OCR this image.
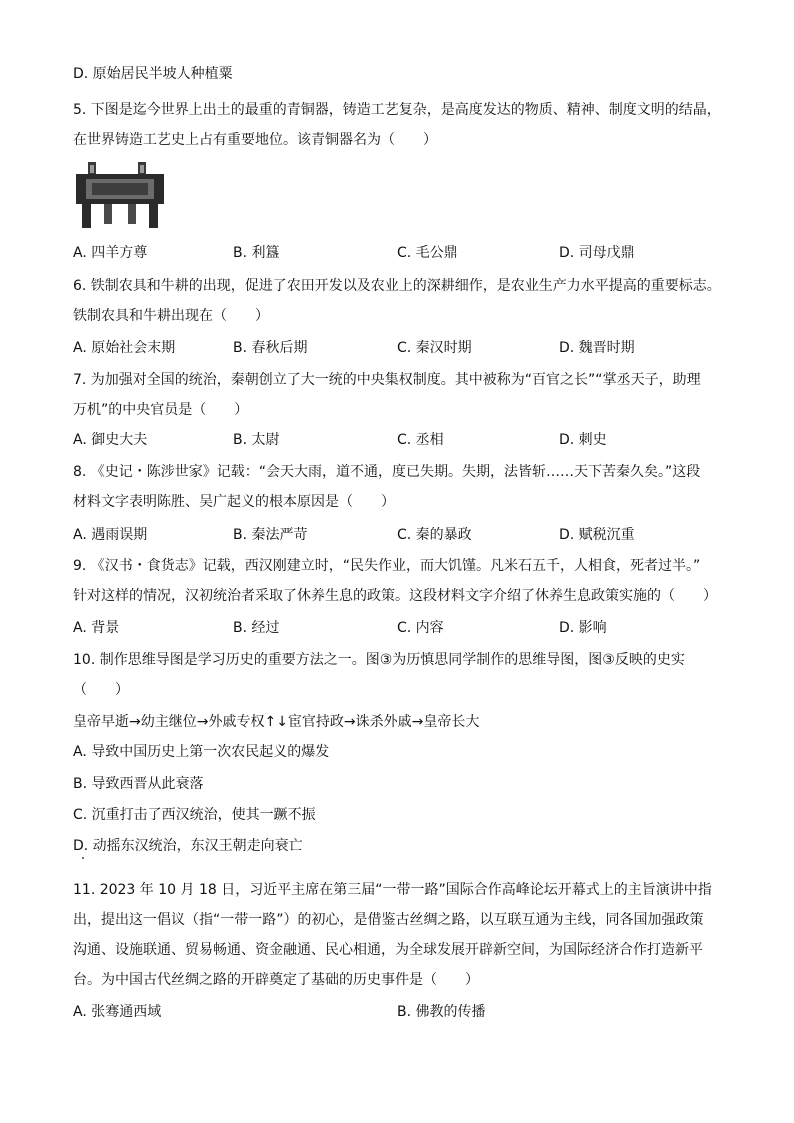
D. 原始居民半坡人种植粟
5. 下图是迄今世界上出土的最重的青铜器，铸造工艺复杂，是高度发达的物质、精神、制度文明的结晶，
在世界铸造工艺史上占有重要地位。该青铜器名为（　　）
A. 四羊方尊	B. 利簋	C. 毛公鼎	D. 司母戊鼎
6. 铁制农具和牛耕的出现，促进了农田开发以及农业上的深耕细作，是农业生产力水平提高的重要标志。
铁制农具和牛耕出现在（　　）
A. 原始社会末期	B. 春秋后期	C. 秦汉时期	D. 魏晋时期
7. 为加强对全国的统治，秦朝创立了大一统的中央集权制度。其中被称为“百官之长”“掌丞天子，助理
万机”的中央官员是（　　）
A. 御史大夫	B. 太尉	C. 丞相	D. 刺史
8. 《史记・陈涉世家》记载：“会天大雨，道不通，度已失期。失期，法皆斩……天下苦秦久矣。”这段
材料文字表明陈胜、吴广起义的根本原因是（　　）
A. 遇雨误期	B. 秦法严苛	C. 秦的暴政	D. 赋税沉重
9. 《汉书・食货志》记载，西汉刚建立时，“民失作业，而大饥馑。凡米石五千，人相食，死者过半。”
针对这样的情况，汉初统治者采取了休养生息的政策。这段材料文字介绍了休养生息政策实施的（　　）
A. 背景	B. 经过	C. 内容	D. 影响
10. 制作思维导图是学习历史的重要方法之一。图③为历慎思同学制作的思维导图，图③反映的史实
（　　）
皇帝早逝→幼主继位→外戚专权↑↓宦官持政→诛杀外戚→皇帝长大
A. 导致中国历史上第一次农民起义的爆发
B. 导致西晋从此衰落
C. 沉重打击了西汉统治，使其一蹶不振
D. 动摇东汉统治，东汉王朝走向衰亡
11. 2023 年 10 月 18 日，习近平主席在第三届“一带一路”国际合作高峰论坛开幕式上的主旨演讲中指
出，提出这一倡议（指“一带一路”）的初心，是借鉴古丝绸之路，以互联互通为主线，同各国加强政策
沟通、设施联通、贸易畅通、资金融通、民心相通，为全球发展开辟新空间，为国际经济合作打造新平
台。为中国古代丝绸之路的开辟奠定了基础的历史事件是（　　）
A. 张骞通西域	B. 佛教的传播
